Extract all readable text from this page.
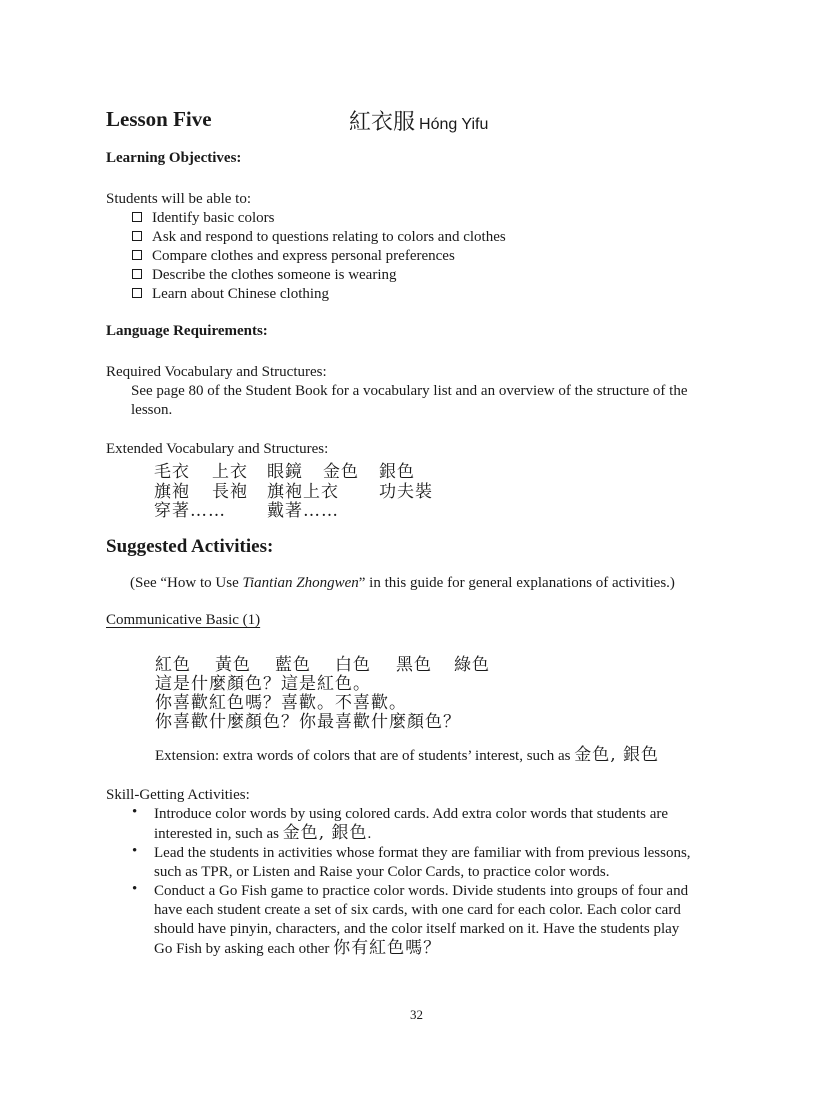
Lesson Five	紅衣服 Hóng Yifu
Learning Objectives:
Students will be able to:
Identify basic colors
Ask and respond to questions relating to colors and clothes
Compare clothes and express personal preferences
Describe the clothes someone is wearing
Learn about Chinese clothing
Language Requirements:
Required Vocabulary and Structures:
See page 80 of the Student Book for a vocabulary list and an overview of the structure of the
lesson.
Extended Vocabulary and Structures:
毛衣 上衣 眼鏡 金色 銀色
旗袍 長袍 旗袍上衣 功夫裝
穿著…… 戴著……
Suggested Activities:
(See “How to Use Tiantian Zhongwen” in this guide for general explanations of activities.)
Communicative Basic (1)
紅色 黃色 藍色 白色 黑色 綠色
這是什麼顏色？這是紅色。
你喜歡紅色嗎？喜歡。不喜歡。
你喜歡什麼顏色？你最喜歡什麼顏色？
Extension: extra words of colors that are of students’ interest, such as 金色, 銀色
Skill-Getting Activities:
• Introduce color words by using colored cards. Add extra color words that students are
interested in, such as 金色, 銀色.
• Lead the students in activities whose format they are familiar with from previous lessons,
such as TPR, or Listen and Raise your Color Cards, to practice color words.
• Conduct a Go Fish game to practice color words. Divide students into groups of four and
have each student create a set of six cards, with one card for each color. Each color card
should have pinyin, characters, and the color itself marked on it. Have the students play
Go Fish by asking each other 你有紅色嗎？
32
